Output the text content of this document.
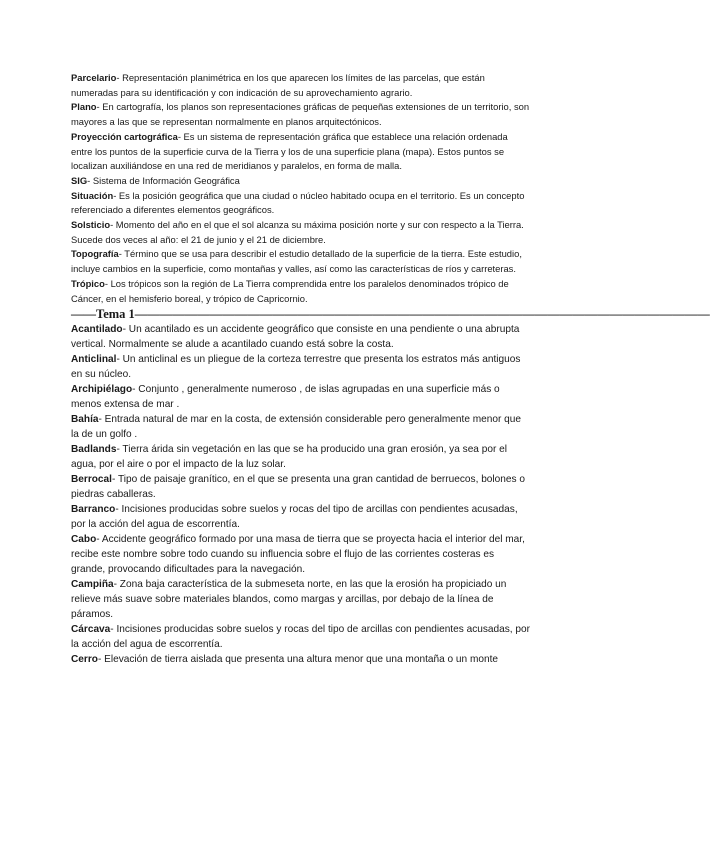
Parcelario- Representación planimétrica en los que aparecen los límites de las parcelas, que están numeradas para su identificación y con indicación de su aprovechamiento agrario.

Plano- En cartografía, los planos son representaciones gráficas de pequeñas extensiones de un territorio, son mayores a las que se representan normalmente en planos arquitectónicos.

Proyección cartográfica- Es un sistema de representación gráfica que establece una relación ordenada entre los puntos de la superficie curva de la Tierra y los de una superficie plana (mapa). Estos puntos se localizan auxiliándose en una red de meridianos y paralelos, en forma de malla.

SIG- Sistema de Información Geográfica

Situación- Es la posición geográfica que una ciudad o núcleo habitado ocupa en el territorio. Es un concepto referenciado a diferentes elementos geográficos.

Solsticio- Momento del año en el que el sol alcanza su máxima posición norte y sur con respecto a la Tierra. Sucede dos veces al año: el 21 de junio y el 21 de diciembre.

Topografía- Término que se usa para describir el estudio detallado de la superficie de la tierra. Este estudio, incluye cambios en la superficie, como montañas y valles, así como las características de ríos y carreteras.

Trópico- Los trópicos son la región de La Tierra comprendida entre los paralelos denominados trópico de Cáncer, en el hemisferio boreal, y trópico de Capricornio.

——Tema 1——————————————————————————————————————————————

Acantilado- Un acantilado es un accidente geográfico que consiste en una pendiente o una abrupta vertical. Normalmente se alude a acantilado cuando está sobre la costa.

Anticlinal- Un anticlinal es un pliegue de la corteza terrestre que presenta los estratos más antiguos en su núcleo.

Archipiélago- Conjunto , generalmente numeroso , de islas agrupadas en una superficie más o menos extensa de mar .

Bahía- Entrada natural de mar en la costa, de extensión considerable pero generalmente menor que la de un golfo .

Badlands- Tierra árida sin vegetación en las que se ha producido una gran erosión, ya sea por el agua, por el aire o por el impacto de la luz solar.

Berrocal- Tipo de paisaje granítico, en el que se presenta una gran cantidad de berruecos, bolones o piedras caballeras.

Barranco- Incisiones producidas sobre suelos y rocas del tipo de arcillas con pendientes acusadas, por la acción del agua de escorrentía.

Cabo- Accidente geográfico formado por una masa de tierra que se proyecta hacia el interior del mar, recibe este nombre sobre todo cuando su influencia sobre el flujo de las corrientes costeras es grande, provocando dificultades para la navegación.

Campiña- Zona baja característica de la submeseta norte, en las que la erosión ha propiciado un relieve más suave sobre materiales blandos, como margas y arcillas, por debajo de la línea de páramos.

Cárcava- Incisiones producidas sobre suelos y rocas del tipo de arcillas con pendientes acusadas, por la acción del agua de escorrentía.

Cerro- Elevación de tierra aislada que presenta una altura menor que una montaña o un monte
